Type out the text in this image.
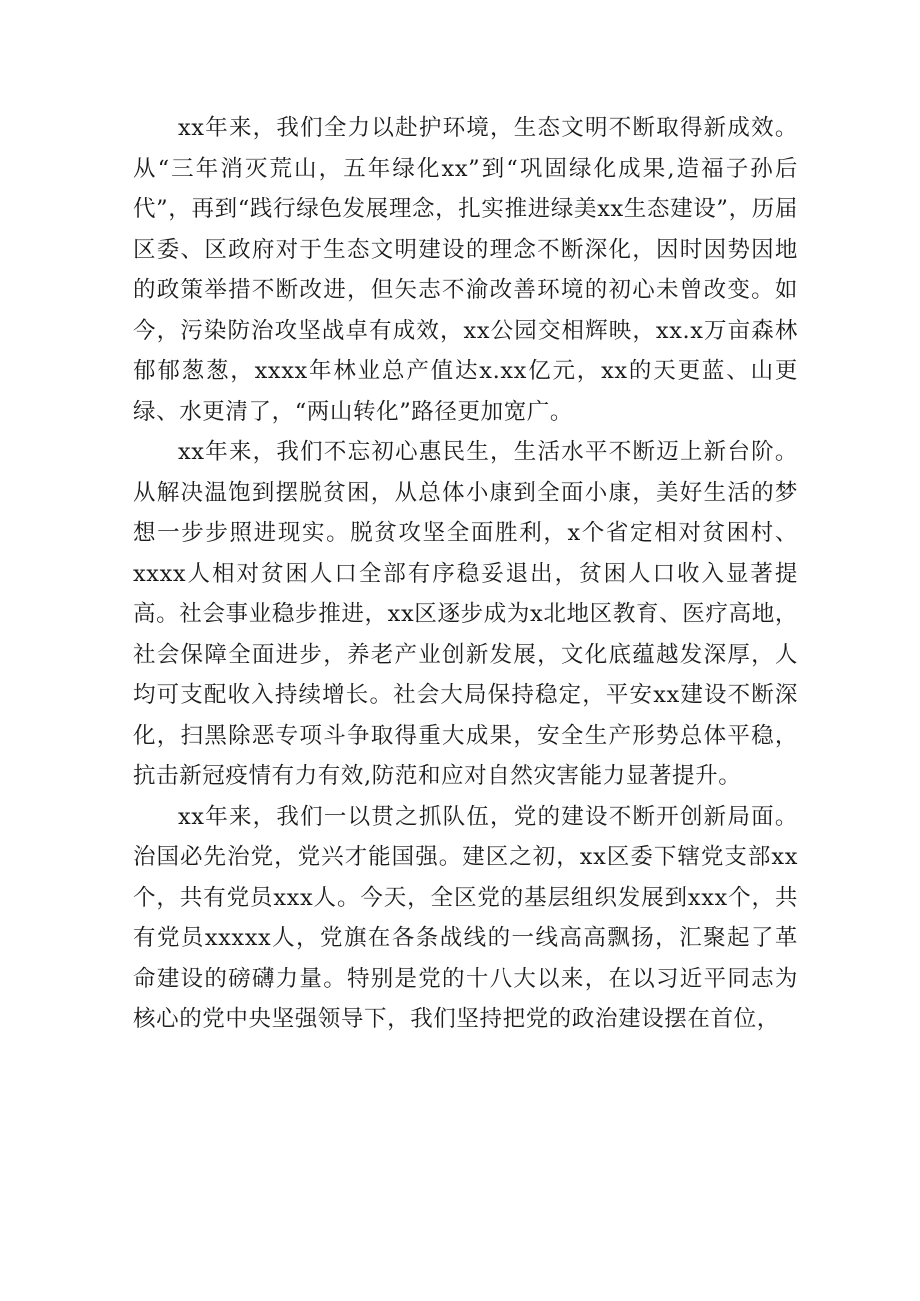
xx年来，我们全力以赴护环境，生态文明不断取得新成效。从“三年消灭荒山，五年绿化xx”到“巩固绿化成果,造福子孙后代”，再到“践行绿色发展理念，扎实推进绿美xx生态建设”，历届区委、区政府对于生态文明建设的理念不断深化，因时因势因地的政策举措不断改进，但矢志不渝改善环境的初心未曾改变。如今，污染防治攻坚战卓有成效，xx公园交相辉映，xx.x万亩森林郁郁葱葱，xxxx年林业总产值达x.xx亿元，xx的天更蓝、山更绿、水更清了，“两山转化”路径更加宽广。

xx年来，我们不忘初心惠民生，生活水平不断迈上新台阶。从解决温饱到摆脱贫困，从总体小康到全面小康，美好生活的梦想一步步照进现实。脱贫攻坚全面胜利，x个省定相对贫困村、xxxx人相对贫困人口全部有序稳妥退出，贫困人口收入显著提高。社会事业稳步推进，xx区逐步成为x北地区教育、医疗高地，社会保障全面进步，养老产业创新发展，文化底蕴越发深厚，人均可支配收入持续增长。社会大局保持稳定，平安xx建设不断深化，扫黑除恶专项斗争取得重大成果，安全生产形势总体平稳，抗击新冠疫情有力有效,防范和应对自然灾害能力显著提升。

xx年来，我们一以贯之抓队伍，党的建设不断开创新局面。治国必先治党，党兴才能国强。建区之初，xx区委下辖党支部xx个，共有党员xxx人。今天，全区党的基层组织发展到xxx个，共有党员xxxxx人，党旗在各条战线的一线高高飘扬，汇聚起了革命建设的磅礴力量。特别是党的十八大以来，在以习近平同志为核心的党中央坚强领导下，我们坚持把党的政治建设摆在首位，
